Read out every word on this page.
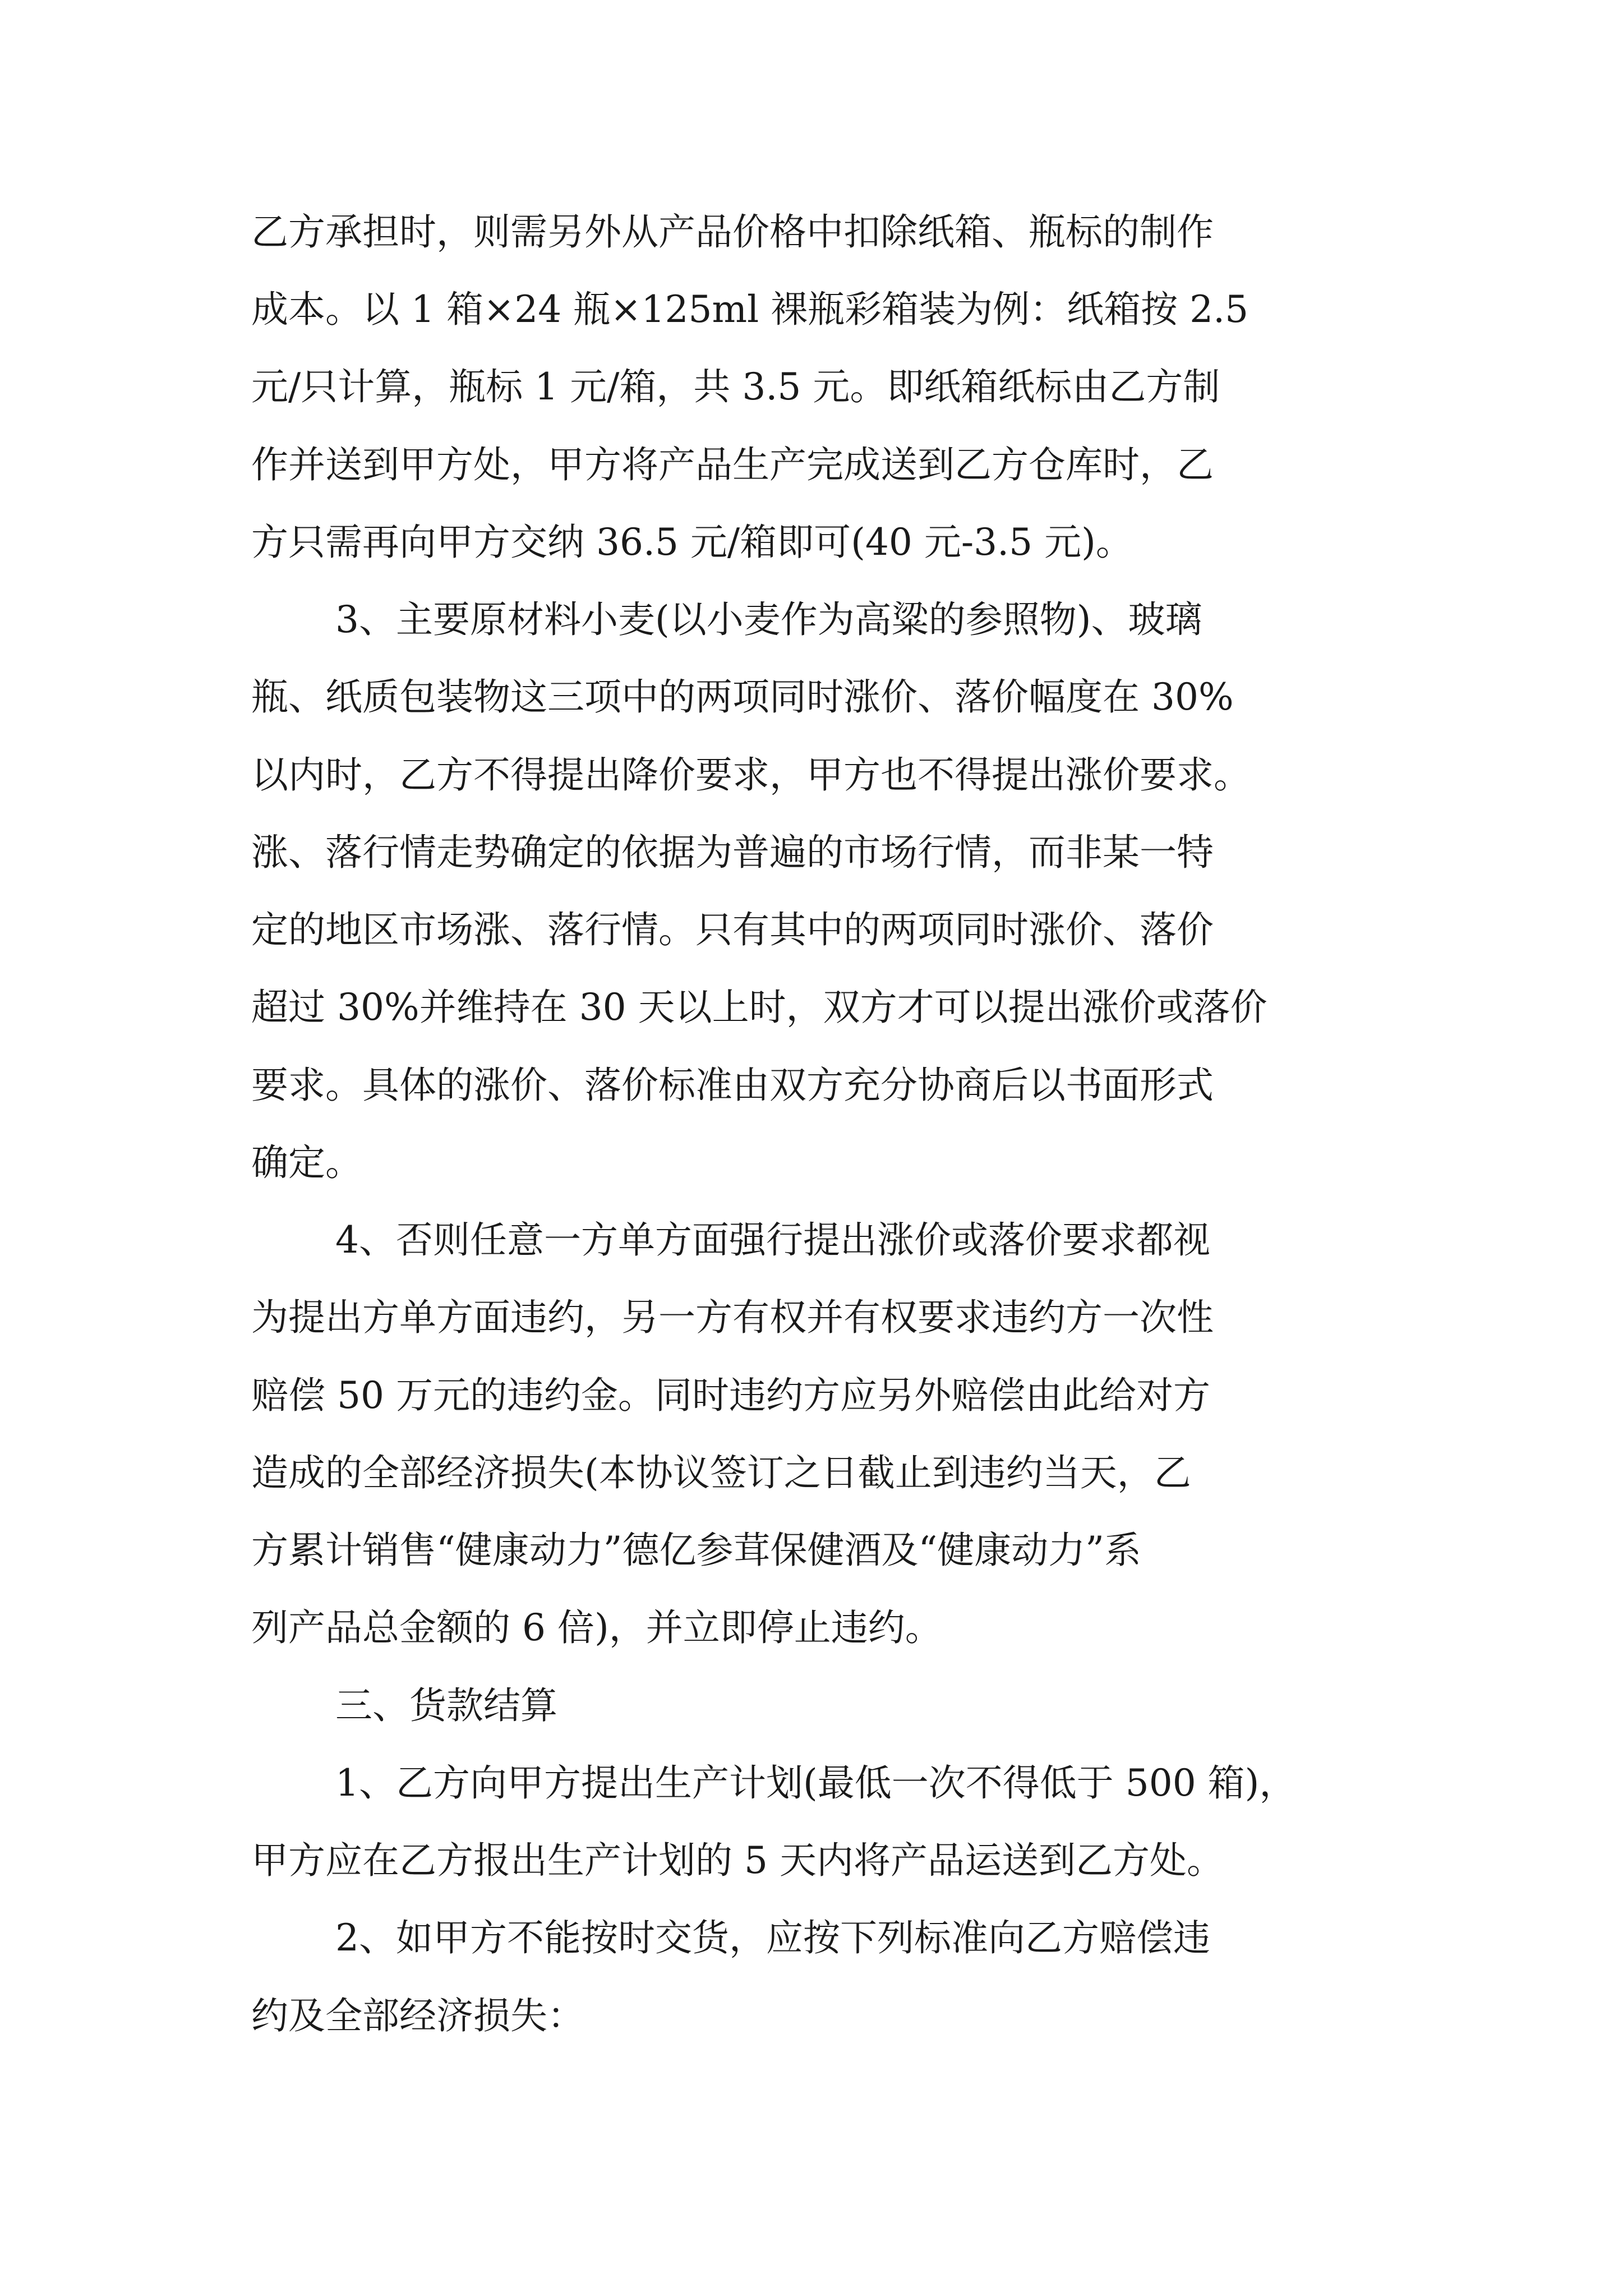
乙方承担时，则需另外从产品价格中扣除纸箱、瓶标的制作
成本。以 1 箱×24 瓶×125ml 裸瓶彩箱装为例：纸箱按 2.5
元/只计算，瓶标 1 元/箱，共 3.5 元。即纸箱纸标由乙方制
作并送到甲方处，甲方将产品生产完成送到乙方仓库时，乙
方只需再向甲方交纳 36.5 元/箱即可(40 元-3.5 元)。
3、主要原材料小麦(以小麦作为高粱的参照物)、玻璃
瓶、纸质包装物这三项中的两项同时涨价、落价幅度在 30%
以内时，乙方不得提出降价要求，甲方也不得提出涨价要求。
涨、落行情走势确定的依据为普遍的市场行情，而非某一特
定的地区市场涨、落行情。只有其中的两项同时涨价、落价
超过 30%并维持在 30 天以上时，双方才可以提出涨价或落价
要求。具体的涨价、落价标准由双方充分协商后以书面形式
确定。
4、否则任意一方单方面强行提出涨价或落价要求都视
为提出方单方面违约，另一方有权并有权要求违约方一次性
赔偿 50 万元的违约金。同时违约方应另外赔偿由此给对方
造成的全部经济损失(本协议签订之日截止到违约当天，乙
方累计销售“健康动力”德亿参茸保健酒及“健康动力”系
列产品总金额的 6 倍)，并立即停止违约。
三、货款结算
1、乙方向甲方提出生产计划(最低一次不得低于 500 箱)，
甲方应在乙方报出生产计划的 5 天内将产品运送到乙方处。
2、如甲方不能按时交货，应按下列标准向乙方赔偿违
约及全部经济损失：
